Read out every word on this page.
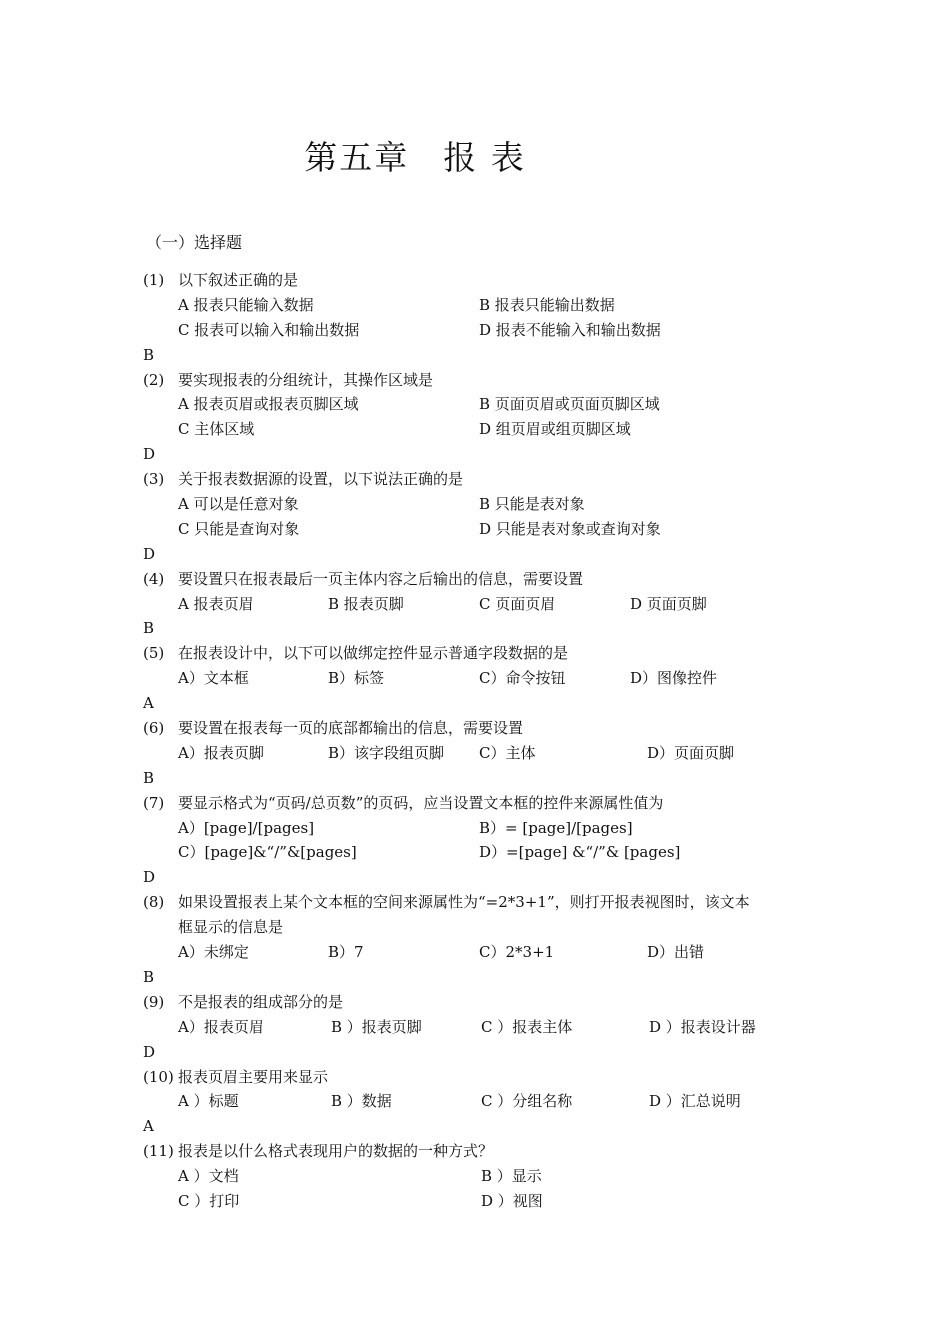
第五章 报 表
（一）选择题
(1) 以下叙述正确的是
A 报表只能输入数据	B 报表只能输出数据
C 报表可以输入和输出数据	D 报表不能输入和输出数据
B
(2) 要实现报表的分组统计，其操作区域是
A 报表页眉或报表页脚区域	B 页面页眉或页面页脚区域
C 主体区域	D 组页眉或组页脚区域
D
(3) 关于报表数据源的设置，以下说法正确的是
A 可以是任意对象	B 只能是表对象
C 只能是查询对象	D 只能是表对象或查询对象
D
(4) 要设置只在报表最后一页主体内容之后输出的信息，需要设置
A 报表页眉	B 报表页脚	C 页面页眉	D 页面页脚
B
(5) 在报表设计中，以下可以做绑定控件显示普通字段数据的是
A）文本框	B）标签	C）命令按钮	D）图像控件
A
(6) 要设置在报表每一页的底部都输出的信息，需要设置
A）报表页脚	B）该字段组页脚 C）主体	D）页面页脚
B
(7) 要显示格式为“页码/总页数”的页码，应当设置文本框的控件来源属性值为
A）[page]/[pages]	B）= [page]/[pages]
C）[page]&“/”&[pages]	D）=[page] &“/”& [pages]
D
(8) 如果设置报表上某个文本框的空间来源属性为“=2*3+1”，则打开报表视图时，该文本
框显示的信息是
A）未绑定	B）7	C）2*3+1	D）出错
B
(9) 不是报表的组成部分的是
A）报表页眉	B ）报表页脚	C ）报表主体	D ）报表设计器
D
(10) 报表页眉主要用来显示
A ）标题	B ）数据	C ）分组名称	D ）汇总说明
A
(11) 报表是以什么格式表现用户的数据的一种方式？
A ）文档	B ）显示
C ）打印	D ）视图
